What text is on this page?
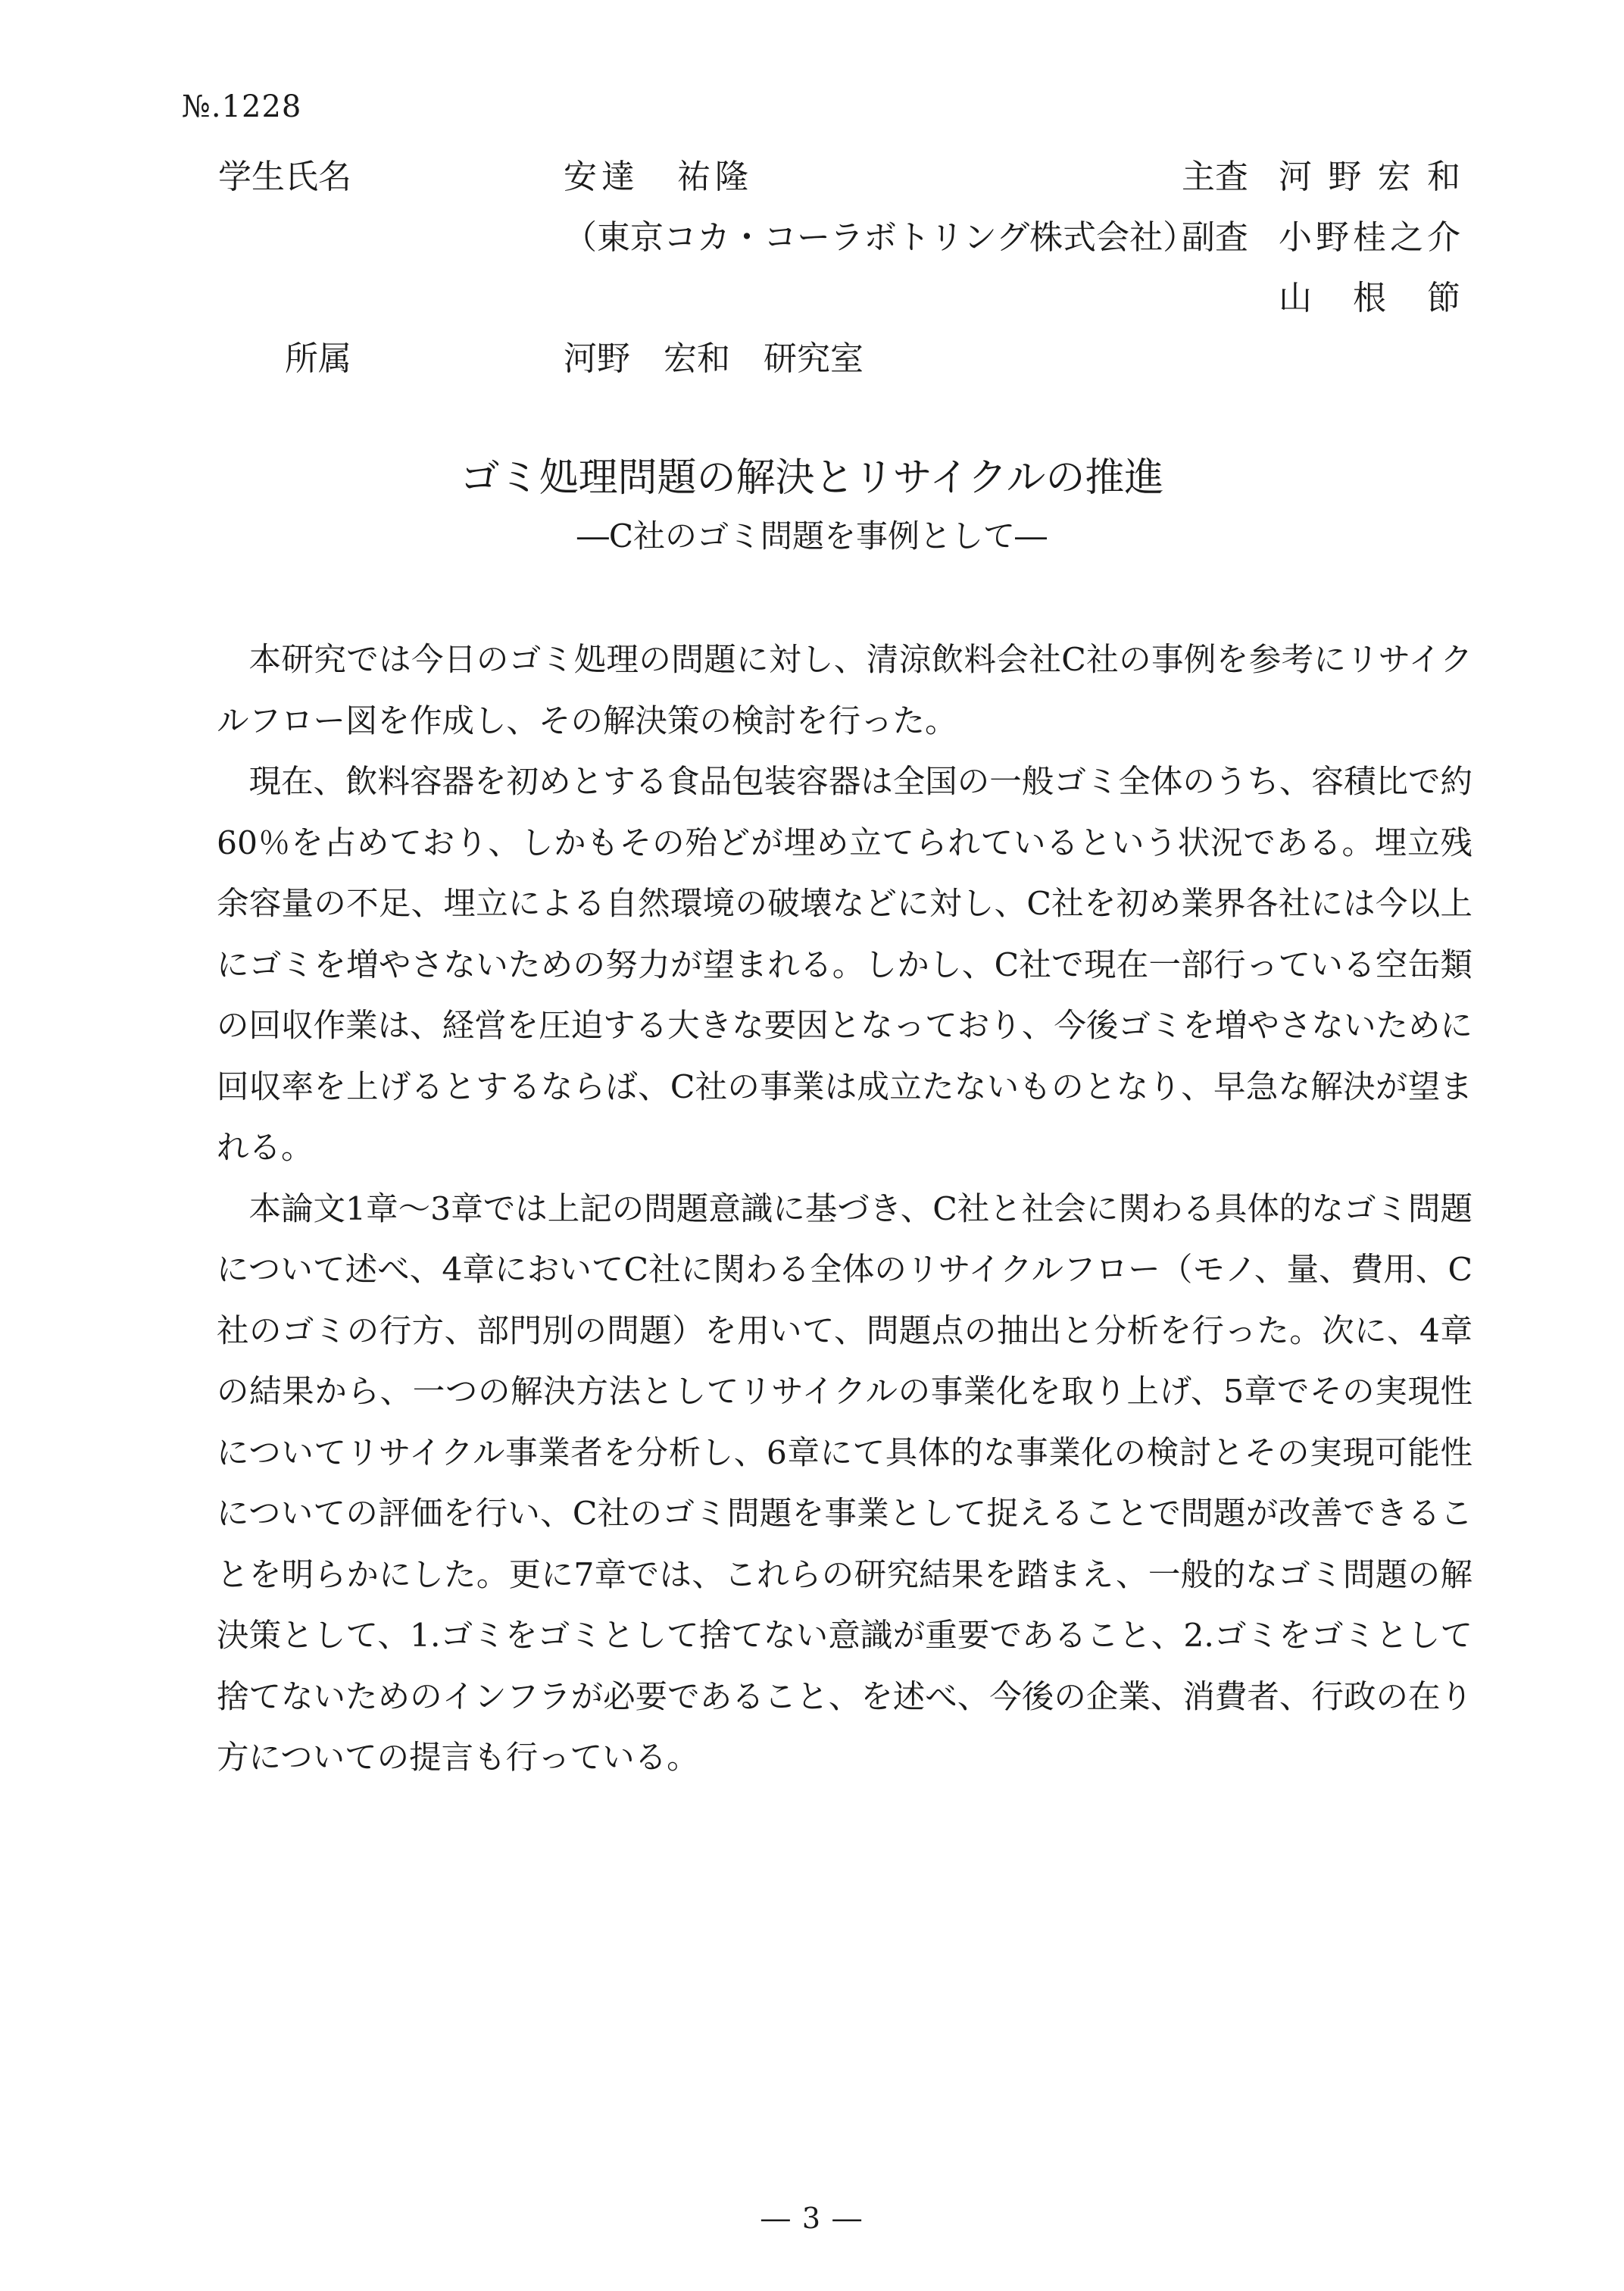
№.1228
学生氏名	安達　祐隆
（東京コカ・コーラボトリング株式会社）
所属	河野　宏和　研究室
主査 河野宏和
副査 小野桂之介
山根節
ゴミ処理問題の解決とリサイクルの推進
―C社のゴミ問題を事例として―

本研究では今日のゴミ処理の問題に対し、清涼飲料会社C社の事例を参考にリサイクルフロー図を作成し、その解決策の検討を行った。

現在、飲料容器を初めとする食品包装容器は全国の一般ゴミ全体のうち、容積比で約60％を占めており、しかもその殆どが埋め立てられているという状況である。埋立残余容量の不足、埋立による自然環境の破壊などに対し、C社を初め業界各社には今以上にゴミを増やさないための努力が望まれる。しかし、C社で現在一部行っている空缶類の回収作業は、経営を圧迫する大きな要因となっており、今後ゴミを増やさないために回収率を上げるとするならば、C社の事業は成立たないものとなり、早急な解決が望まれる。

本論文1章～3章では上記の問題意識に基づき、C社と社会に関わる具体的なゴミ問題について述べ、4章においてC社に関わる全体のリサイクルフロー（モノ、量、費用、C社のゴミの行方、部門別の問題）を用いて、問題点の抽出と分析を行った。次に、4章の結果から、一つの解決方法としてリサイクルの事業化を取り上げ、5章でその実現性についてリサイクル事業者を分析し、6章にて具体的な事業化の検討とその実現可能性についての評価を行い、C社のゴミ問題を事業として捉えることで問題が改善できることを明らかにした。更に7章では、これらの研究結果を踏まえ、一般的なゴミ問題の解決策として、1.ゴミをゴミとして捨てない意識が重要であること、2.ゴミをゴミとして捨てないためのインフラが必要であること、を述べ、今後の企業、消費者、行政の在り方についての提言も行っている。

― 3 ―
